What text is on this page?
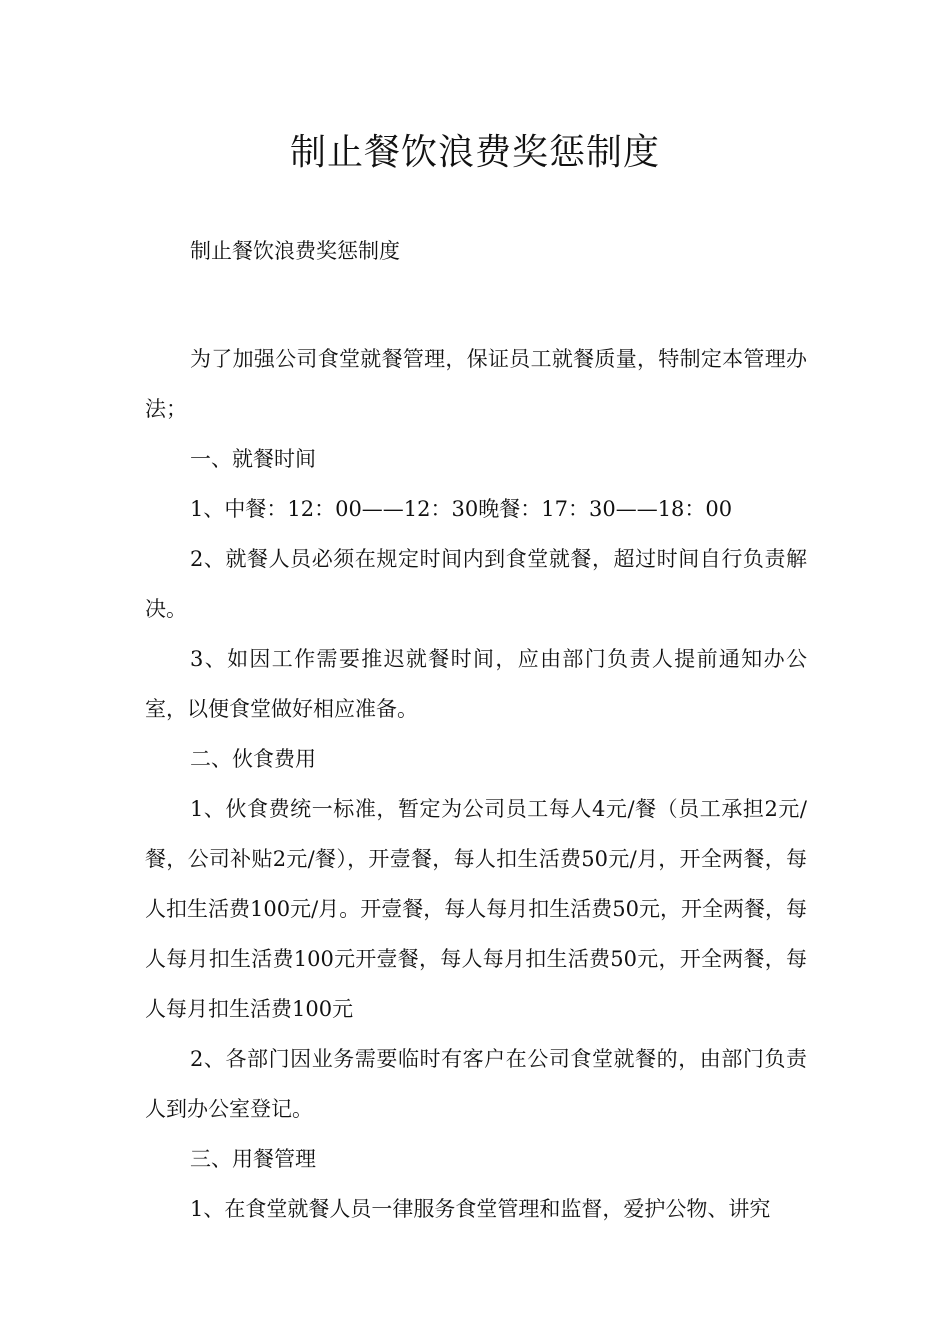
制止餐饮浪费奖惩制度
制止餐饮浪费奖惩制度

为了加强公司食堂就餐管理，保证员工就餐质量，特制定本管理办法；

一、就餐时间

1、中餐：12：00——12：30晚餐：17：30——18：00

2、就餐人员必须在规定时间内到食堂就餐，超过时间自行负责解决。

3、如因工作需要推迟就餐时间，应由部门负责人提前通知办公室，以便食堂做好相应准备。

二、伙食费用

1、伙食费统一标准，暂定为公司员工每人4元/餐（员工承担2元/餐，公司补贴2元/餐），开壹餐，每人扣生活费50元/月，开全两餐，每人扣生活费100元/月。开壹餐，每人每月扣生活费50元，开全两餐，每人每月扣生活费100元开壹餐，每人每月扣生活费50元，开全两餐，每人每月扣生活费100元

2、各部门因业务需要临时有客户在公司食堂就餐的，由部门负责人到办公室登记。

三、用餐管理

1、在食堂就餐人员一律服务食堂管理和监督，爱护公物、讲究
